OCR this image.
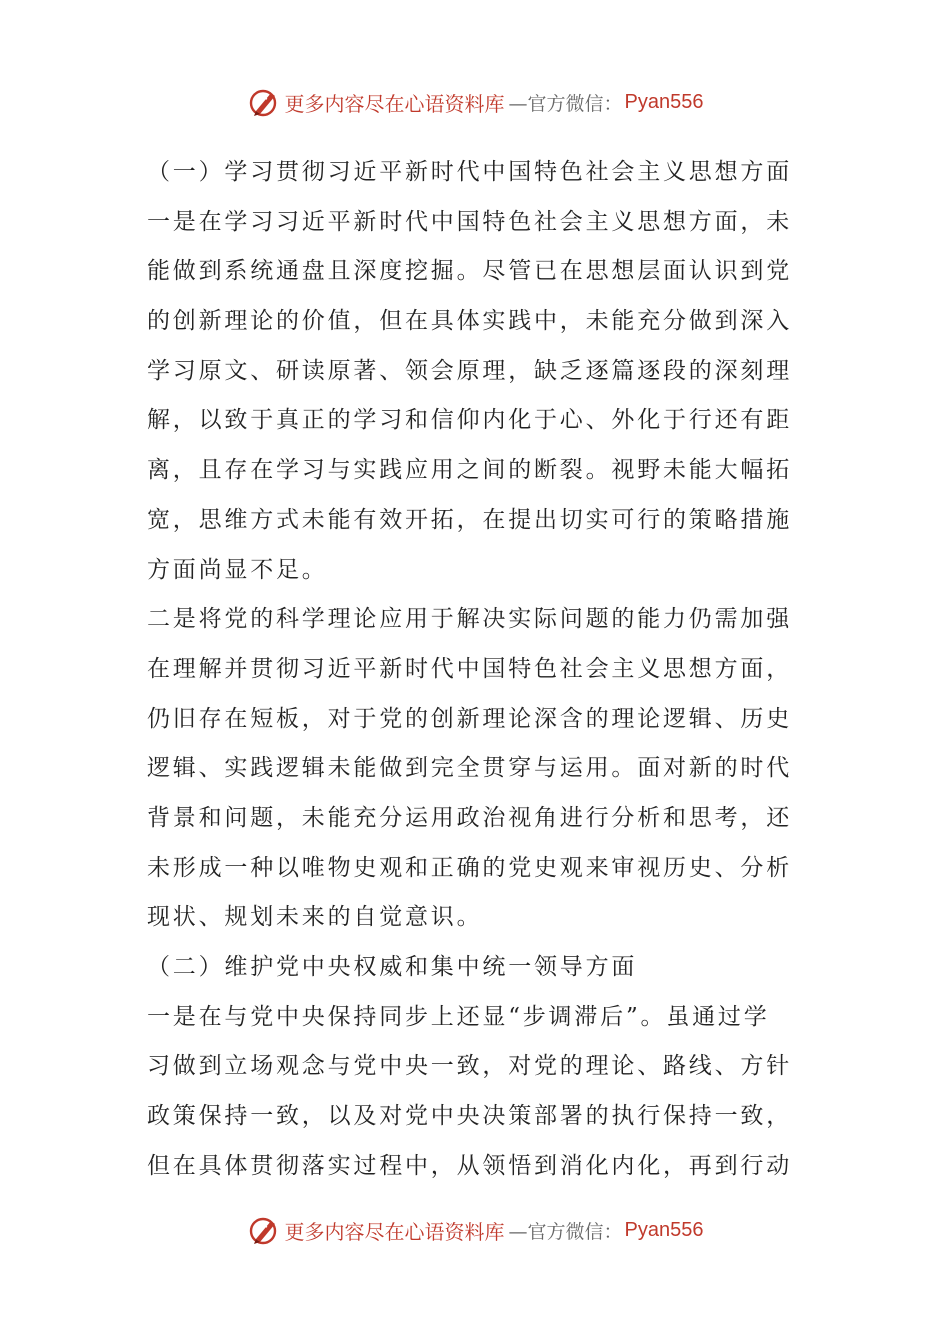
更多内容尽在心语资料库 —官方微信： Pyan556
（一）学习贯彻习近平新时代中国特色社会主义思想方面
一是在学习习近平新时代中国特色社会主义思想方面，未
能做到系统通盘且深度挖掘。尽管已在思想层面认识到党
的创新理论的价值，但在具体实践中，未能充分做到深入
学习原文、研读原著、领会原理，缺乏逐篇逐段的深刻理
解，以致于真正的学习和信仰内化于心、外化于行还有距
离，且存在学习与实践应用之间的断裂。视野未能大幅拓
宽，思维方式未能有效开拓，在提出切实可行的策略措施
方面尚显不足。
二是将党的科学理论应用于解决实际问题的能力仍需加强
在理解并贯彻习近平新时代中国特色社会主义思想方面，
仍旧存在短板，对于党的创新理论深含的理论逻辑、历史
逻辑、实践逻辑未能做到完全贯穿与运用。面对新的时代
背景和问题，未能充分运用政治视角进行分析和思考，还
未形成一种以唯物史观和正确的党史观来审视历史、分析
现状、规划未来的自觉意识。
（二）维护党中央权威和集中统一领导方面
一是在与党中央保持同步上还显“步调滞后”。虽通过学
习做到立场观念与党中央一致，对党的理论、路线、方针
政策保持一致，以及对党中央决策部署的执行保持一致，
但在具体贯彻落实过程中，从领悟到消化内化，再到行动
更多内容尽在心语资料库 —官方微信： Pyan556
